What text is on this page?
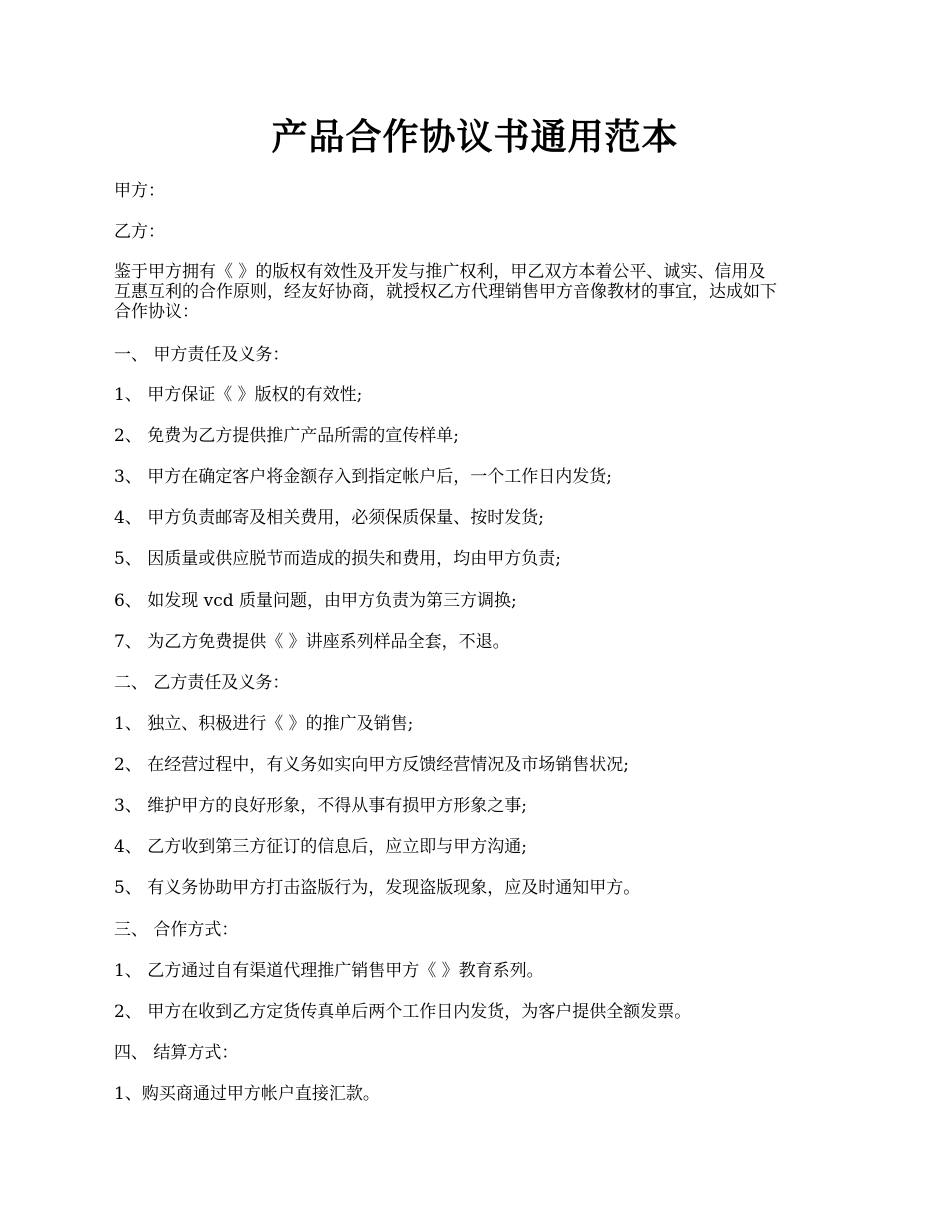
产品合作协议书通用范本
甲方：
乙方：
鉴于甲方拥有《 》的版权有效性及开发与推广权利，甲乙双方本着公平、诚实、信用及
互惠互利的合作原则，经友好协商，就授权乙方代理销售甲方音像教材的事宜，达成如下
合作协议：
一、 甲方责任及义务：
1、 甲方保证《 》版权的有效性;
2、 免费为乙方提供推广产品所需的宣传样单;
3、 甲方在确定客户将金额存入到指定帐户后，一个工作日内发货;
4、 甲方负责邮寄及相关费用，必须保质保量、按时发货;
5、 因质量或供应脱节而造成的损失和费用，均由甲方负责;
6、 如发现 vcd 质量问题，由甲方负责为第三方调换;
7、 为乙方免费提供《 》讲座系列样品全套，不退。
二、 乙方责任及义务：
1、 独立、积极进行《 》的推广及销售;
2、 在经营过程中，有义务如实向甲方反馈经营情况及市场销售状况;
3、 维护甲方的良好形象，不得从事有损甲方形象之事;
4、 乙方收到第三方征订的信息后，应立即与甲方沟通;
5、 有义务协助甲方打击盗版行为，发现盗版现象，应及时通知甲方。
三、 合作方式：
1、 乙方通过自有渠道代理推广销售甲方《 》教育系列。
2、 甲方在收到乙方定货传真单后两个工作日内发货，为客户提供全额发票。
四、 结算方式：
1、购买商通过甲方帐户直接汇款。
